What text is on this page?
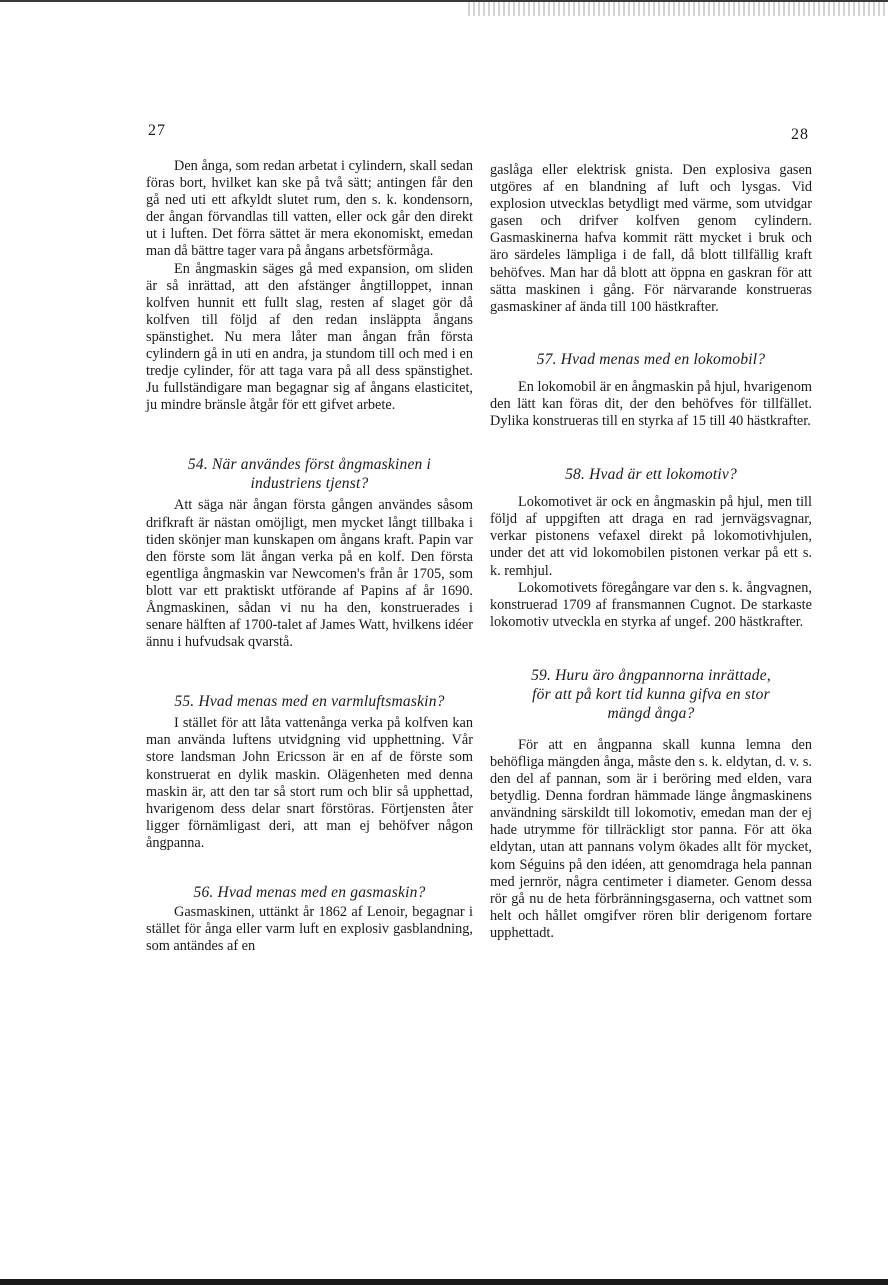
27	28

Den ånga, som redan arbetat i cylindern, skall sedan föras bort, hvilket kan ske på två sätt; antingen får den gå ned uti ett afkyldt slutet rum, den s. k. kondensorn, der ångan förvandlas till vatten, eller ock går den direkt ut i luften. Det förra sättet är mera ekonomiskt, emedan man då bättre tager vara på ångans arbetsförmåga.

En ångmaskin säges gå med expansion, om sliden är så inrättad, att den afstänger ångtilloppet, innan kolfven hunnit ett fullt slag, resten af slaget gör då kolfven till följd af den redan insläppta ångans spänstighet. Nu mera låter man ångan från första cylindern gå in uti en andra, ja stundom till och med i en tredje cylinder, för att taga vara på all dess spänstighet. Ju fullständigare man begagnar sig af ångans elasticitet, ju mindre bränsle åtgår för ett gifvet arbete.

54. När användes först ångmaskinen i
industriens tjenst?

Att säga när ångan första gången användes såsom drifkraft är nästan omöjligt, men mycket långt tillbaka i tiden skönjer man kunskapen om ångans kraft. Papin var den förste som lät ångan verka på en kolf. Den första egentliga ångmaskin var Newcomen's från år 1705, som blott var ett praktiskt utförande af Papins af år 1690. Ångmaskinen, sådan vi nu ha den, konstruerades i senare hälften af 1700-talet af James Watt, hvilkens idéer ännu i hufvudsak qvarstå.

55. Hvad menas med en varmluftsmaskin?

I stället för att låta vattenånga verka på kolfven kan man använda luftens utvidgning vid upphettning. Vår store landsman John Ericsson är en af de förste som konstruerat en dylik maskin. Olägenheten med denna maskin är, att den tar så stort rum och blir så upphettad, hvarigenom dess delar snart förstöras. Förtjensten åter ligger förnämligast deri, att man ej behöfver någon ångpanna.

56. Hvad menas med en gasmaskin?

Gasmaskinen, uttänkt år 1862 af Lenoir, begagnar i stället för ånga eller varm luft en explosiv gasblandning, som antändes af en

gaslåga eller elektrisk gnista. Den explosiva gasen utgöres af en blandning af luft och lysgas. Vid explosion utvecklas betydligt med värme, som utvidgar gasen och drifver kolfven genom cylindern. Gasmaskinerna hafva kommit rätt mycket i bruk och äro särdeles lämpliga i de fall, då blott tillfällig kraft behöfves. Man har då blott att öppna en gaskran för att sätta maskinen i gång. För närvarande konstrueras gasmaskiner af ända till 100 hästkrafter.

57. Hvad menas med en lokomobil?

En lokomobil är en ångmaskin på hjul, hvarigenom den lätt kan föras dit, der den behöfves för tillfället. Dylika konstrueras till en styrka af 15 till 40 hästkrafter.

58. Hvad är ett lokomotiv?

Lokomotivet är ock en ångmaskin på hjul, men till följd af uppgiften att draga en rad jernvägsvagnar, verkar pistonens vefaxel direkt på lokomotivhjulen, under det att vid lokomobilen pistonen verkar på ett s. k. remhjul.

Lokomotivets föregångare var den s. k. ångvagnen, konstruerad 1709 af fransmannen Cugnot. De starkaste lokomotiv utveckla en styrka af ungef. 200 hästkrafter.

59. Huru äro ångpannorna inrättade,
för att på kort tid kunna gifva en stor
mängd ånga?

För att en ångpanna skall kunna lemna den behöfliga mängden ånga, måste den s. k. eldytan, d. v. s. den del af pannan, som är i beröring med elden, vara betydlig. Denna fordran hämmade länge ångmaskinens användning särskildt till lokomotiv, emedan man der ej hade utrymme för tillräckligt stor panna. För att öka eldytan, utan att pannans volym ökades allt för mycket, kom Séguins på den idéen, att genomdraga hela pannan med jernrör, några centimeter i diameter. Genom dessa rör gå nu de heta förbränningsgaserna, och vattnet som helt och hållet omgifver rören blir derigenom fortare upphettadt.
